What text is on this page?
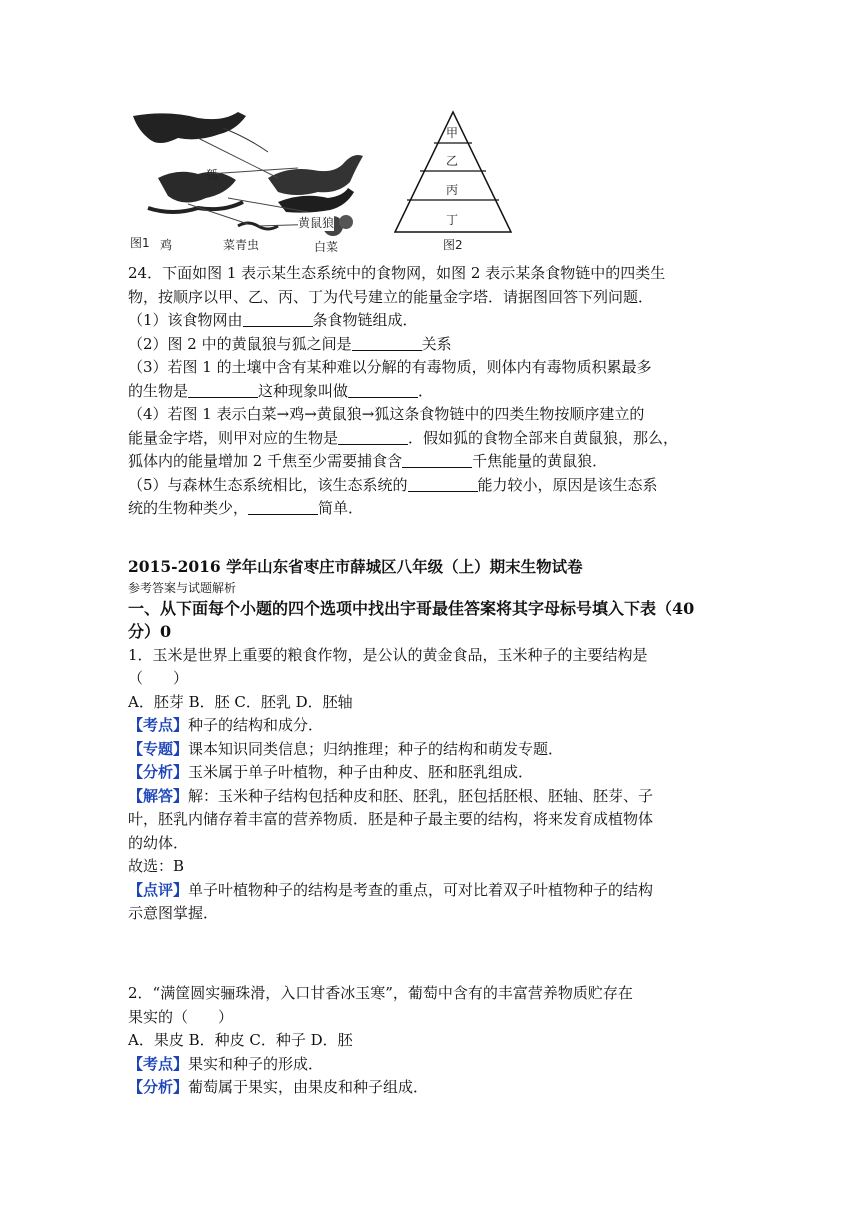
图1 鸡
狐
黄鼠狼
菜青虫	白菜
甲
乙
丙
丁
图2
24．下面如图 1 表示某生态系统中的食物网，如图 2 表示某条食物链中的四类生
物，按顺序以甲、乙、丙、丁为代号建立的能量金字塔．请据图回答下列问题．
（1）该食物网由	条食物链组成．
（2）图 2 中的黄鼠狼与狐之间是	关系
（3）若图 1 的土壤中含有某种难以分解的有毒物质，则体内有毒物质积累最多
的生物是	这种现象叫做	．
（4）若图 1 表示白菜→鸡→黄鼠狼→狐这条食物链中的四类生物按顺序建立的
能量金字塔，则甲对应的生物是	．假如狐的食物全部来自黄鼠狼，那么，
狐体内的能量增加 2 千焦至少需要捕食含	千焦能量的黄鼠狼．
（5）与森林生态系统相比，该生态系统的	能力较小，原因是该生态系
统的生物种类少，	简单．
2015-2016 学年山东省枣庄市薛城区八年级（上）期末生物试卷
参考答案与试题解析
一、从下面每个小题的四个选项中找出宇哥最佳答案将其字母标号填入下表（40
分）0
1．玉米是世界上重要的粮食作物，是公认的黄金食品，玉米种子的主要结构是
（　　）
A．胚芽 B．胚 C．胚乳 D．胚轴
【考点】种子的结构和成分．
【专题】课本知识同类信息；归纳推理；种子的结构和萌发专题．
【分析】玉米属于单子叶植物，种子由种皮、胚和胚乳组成．
【解答】解：玉米种子结构包括种皮和胚、胚乳，胚包括胚根、胚轴、胚芽、子
叶，胚乳内储存着丰富的营养物质．胚是种子最主要的结构，将来发育成植物体
的幼体．
故选：B
【点评】单子叶植物种子的结构是考查的重点，可对比着双子叶植物种子的结构
示意图掌握．
2．“满筐圆实骊珠滑，入口甘香冰玉寒”，葡萄中含有的丰富营养物质贮存在
果实的（　　）
A．果皮 B．种皮 C．种子 D．胚
【考点】果实和种子的形成．
【分析】葡萄属于果实，由果皮和种子组成．
